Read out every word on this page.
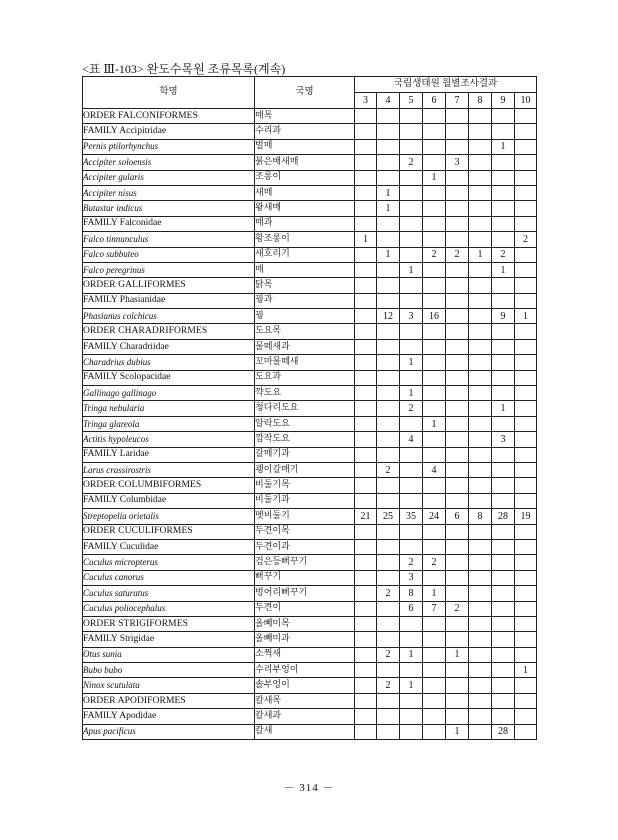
<표 Ⅲ-103> 완도수목원 조류목록(계속)
학명	국명	국립생태원 월별조사결과							
		3	4	5	6	7	8	9	10
ORDER FALCONIFORMES	매목								
FAMILY Accipitridae	수리과								
Pernis ptilorhynchus	벌매							1	
Accipiter soloensis	붉은배새매			2		3			
Accipiter gularis	조롱이				1				
Accipiter nisus	새매		1						
Butastur indicus	왕새매		1						
FAMILY Falconidae	매과								
Falco tinnunculus	황조롱이	1							2
Falco subbuteo	새호리기		1		2	2	1	2	
Falco peregrinus	매			1				1	
ORDER GALLIFORMES	닭목								
FAMILY Phasianidae	꿩과								
Phasianus colchicus	꿩		12	3	16			9	1
ORDER CHARADRIFORMES	도요목								
FAMILY Charadriidae	물떼새과								
Charadrius dubius	꼬마물떼새			1					
FAMILY Scolopacidae	도요과								
Gallinago gallinago	꺅도요			1					
Tringa nebularia	청다리도요			2				1	
Tringa glareola	알락도요				1				
Actitis hypoleucos	깝작도요			4				3	
FAMILY Laridae	갈매기과								
Larus crassirostris	괭이갈매기		2		4				
ORDER COLUMBIFORMES	비둘기목								
FAMILY Columbidae	비둘기과								
Streptopelia orietalis	멧비둘기	21	25	35	24	6	8	28	19
ORDER CUCULIFORMES	두견이목								
FAMILY Cuculidae	두견이과								
Cuculus micropterus	검은등뻐꾸기			2	2				
Cuculus canorus	뻐꾸기			3					
Cuculus saturatus	벙어리뻐꾸기		2	8	1				
Cuculus poliocephalus	두견이			6	7	2			
ORDER STRIGIFORMES	올빼미목								
FAMILY Strigidae	올빼미과								
Otus sunia	소쩍새		2	1		1			
Bubo bubo	수리부엉이								1
Ninox scutulata	솔부엉이		2	1					
ORDER APODIFORMES	칼새목								
FAMILY Apodidae	칼새과								
Apus pacificus	칼새					1		28	
－ 314 －
